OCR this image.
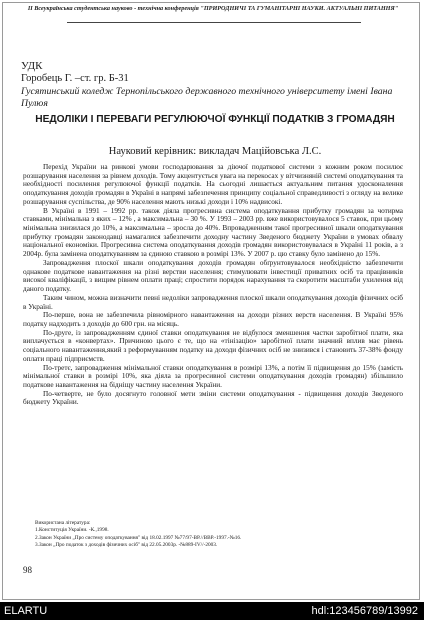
II Всеукраїнська студентська науково - технічна конференція "ПРИРОДНИЧІ ТА ГУМАНІТАРНІ НАУКИ. АКТУАЛЬНІ ПИТАННЯ"
УДК
Горобець Г. –ст. гр. Б-31
Гусятинський коледж Тернопільського державного технічного університету імені Івана Пулюя
НЕДОЛІКИ І ПЕРЕВАГИ РЕГУЛЮЮЧОЇ ФУНКЦІЇ ПОДАТКІВ З ГРОМАДЯН
Науковий керівник: викладач Маційовська Л.С.

Перехід України на ринкові умови господарювання за діючої податкової системи з кожним роком посилює розшарування населення за рівнем доходів. Тому акцентується увага на перекосах у вітчизняній системі оподаткування та необхідності посилення регулюючої функції податків. На сьогодні лишається актуальним питання удосконалення оподаткування доходів громадян в Україні в напрямі забезпечення принципу соціальної справедливості з огляду на велике розшарування суспільства, де 90% населення мають низькі доходи і 10% надвисокі.

В Україні в 1991 – 1992 рр. також діяла прогресивна система оподаткування прибутку громадян за чотирма ставками, мінімальна з яких – 12% , а максимальна – 30 %. У 1993 – 2003 рр. вже використовувалося 5 ставок, при цьому мінімальна знизилася до 10%, а максимальна – зросла до 40%. Впровадженням такої прогресивної шкали оподаткування прибутку громадян законодавці намагалися забезпечити доходну частину Зведеного бюджету України в умовах обвалу національної економіки. Прогресивна система оподаткування доходів громадян використовувалася в Україні 11 років, а з 2004р. була замінена оподаткуванням за єдиною ставкою в розмірі 13%. У 2007 р. цю ставку було замінено до 15%.

Запровадження плоскої шкали оподаткування доходів громадян обґрунтовувалося необхідністю забезпечити однакове податкове навантаження на різні верстви населення; стимулювати інвестиції приватних осіб та працівників високої кваліфікації, з вищим рівнем оплати праці; спростити порядок нарахування та скоротити масштаби ухилення від даного податку.

Таким чином, можна визначити певні недоліки запровадження плоскої шкали оподаткування доходів фізичних осіб в Україні.

По-перше, вона не забезпечила рівномірного навантаження на доходи різних верств населення. В Україні 95% податку надходить з доходів до 600 грн. на місяць.

По-друге, із запровадженням єдиної ставки оподаткування не відбулося зменшення частки заробітної плати, яка виплачується в «конвертах». Причиною цього є те, що на «тінізацію» заробітної плати значний вплив має рівень соціального навантаження,який з реформуванням податку на доходи фізичних осіб не знизився і становить 37-38% фонду оплати праці підприємств.

По-третє, запровадження мінімальної ставки оподаткування в розмірі 13%, а потім її підвищення до 15% (замість мінімальної ставки в розмірі 10%, яка діяла за прогресивної системи оподаткування доходів громадян) збільшило податкове навантаження на бідніщу частину населення України.

По-четверте, не було досягнуто головної мети зміни системи оподаткування - підвищення доходів Зведеного бюджету України.

Використана література:
1.Конституція України. -К.,1998.
2.Закон України „Про систему оподаткування" від 18.02.1997 №77/97-ВР.//ВВР.-1997.-№16.
3.Закон „Про податок з доходів фізичних осіб" від 22.05.2003р. -№889-IV//-2003.
98
ELARTU	hdl:123456789/13992
